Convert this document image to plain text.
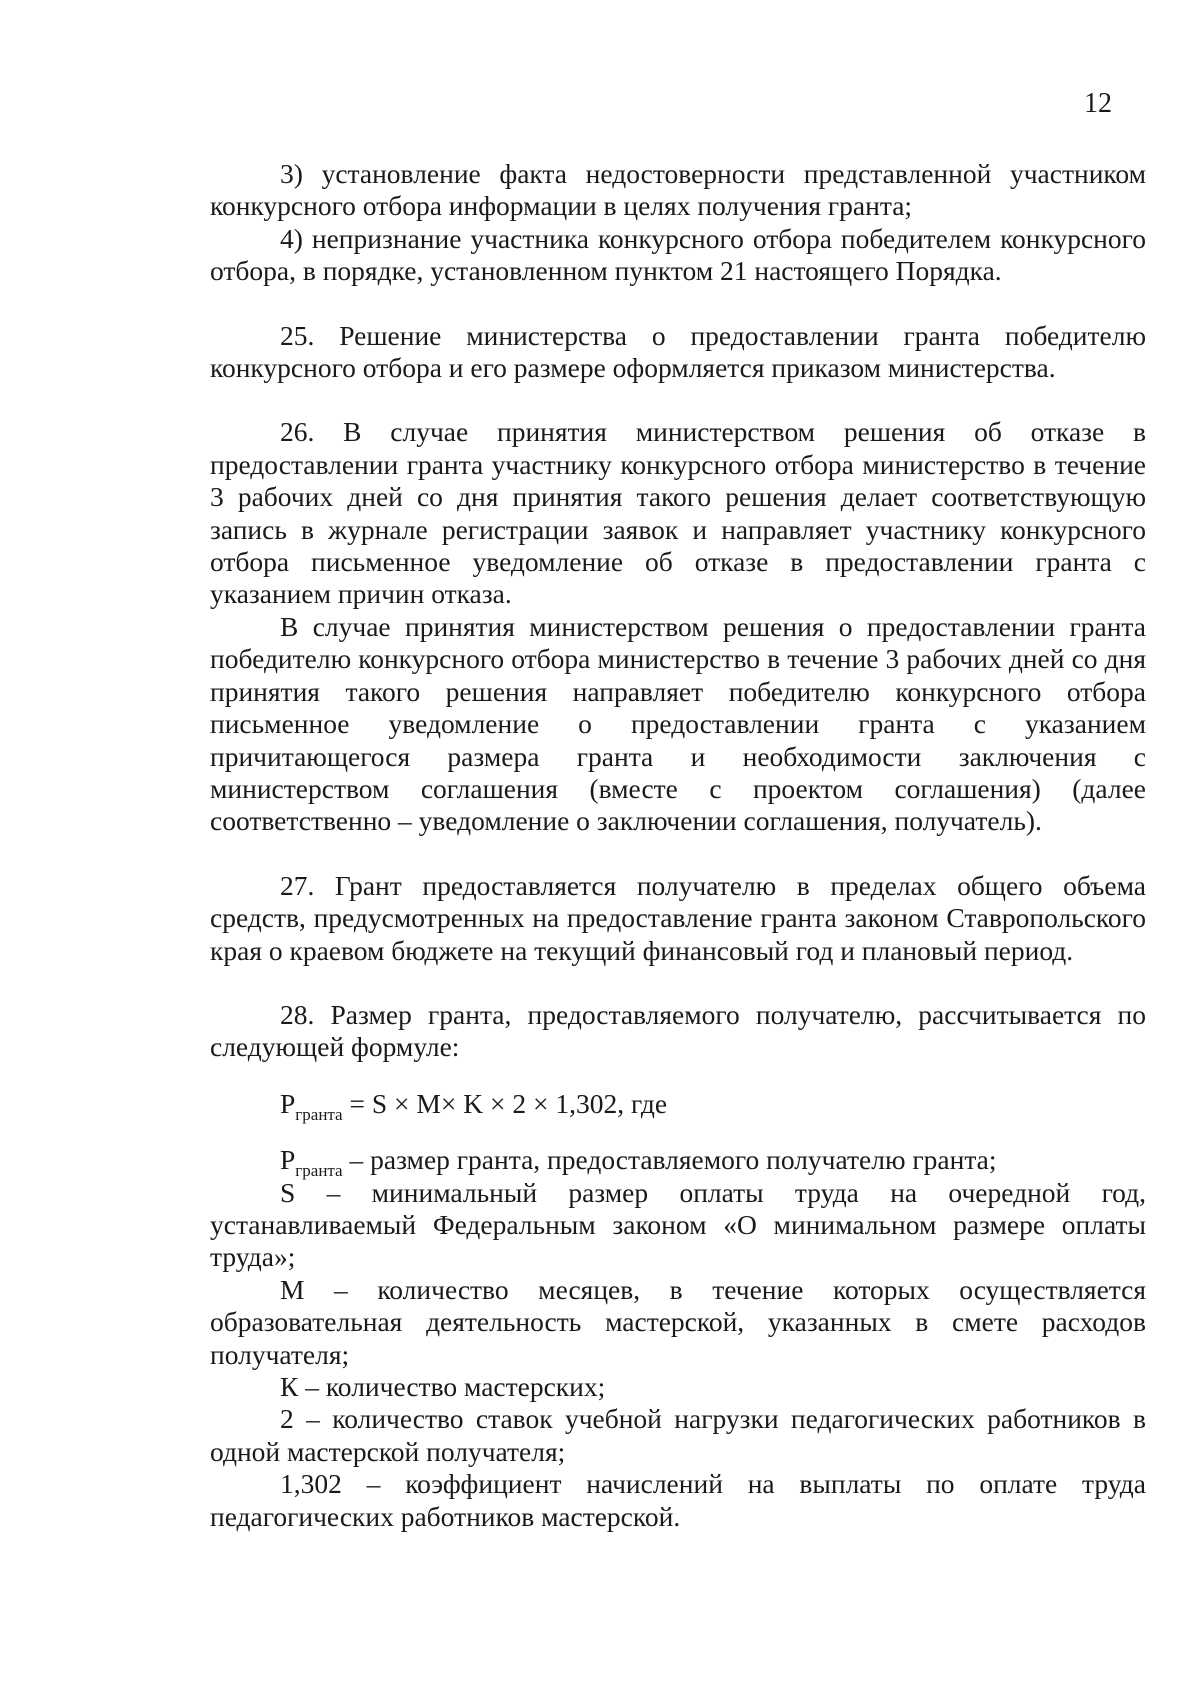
12

3) установление факта недостоверности представленной участником конкурсного отбора информации в целях получения гранта;

4) непризнание участника конкурсного отбора победителем конкурсного отбора, в порядке, установленном пунктом 21 настоящего Порядка.

25. Решение министерства о предоставлении гранта победителю конкурсного отбора и его размере оформляется приказом министерства.

26. В случае принятия министерством решения об отказе в предоставлении гранта участнику конкурсного отбора министерство в течение 3 рабочих дней со дня принятия такого решения делает соответствующую запись в журнале регистрации заявок и направляет участнику конкурсного отбора письменное уведомление об отказе в предоставлении гранта с указанием причин отказа.

В случае принятия министерством решения о предоставлении гранта победителю конкурсного отбора министерство в течение 3 рабочих дней со дня принятия такого решения направляет победителю конкурсного отбора письменное уведомление о предоставлении гранта с указанием причитающегося размера гранта и необходимости заключения с министерством соглашения (вместе с проектом соглашения) (далее соответственно – уведомление о заключении соглашения, получатель).

27. Грант предоставляется получателю в пределах общего объема средств, предусмотренных на предоставление гранта законом Ставропольского края о краевом бюджете на текущий финансовый год и плановый период.

28. Размер гранта, предоставляемого получателю, рассчитывается по следующей формуле:

$P_{гранта} = S \times M\times K \times 2 \times 1,302$, где

$P_{гранта}$ – размер гранта, предоставляемого получателю гранта;

S – минимальный размер оплаты труда на очередной год, устанавливаемый Федеральным законом «О минимальном размере оплаты труда»;

М – количество месяцев, в течение которых осуществляется образовательная деятельность мастерской, указанных в смете расходов получателя;

К – количество мастерских;

2 – количество ставок учебной нагрузки педагогических работников в одной мастерской получателя;

1,302 – коэффициент начислений на выплаты по оплате труда педагогических работников мастерской.
